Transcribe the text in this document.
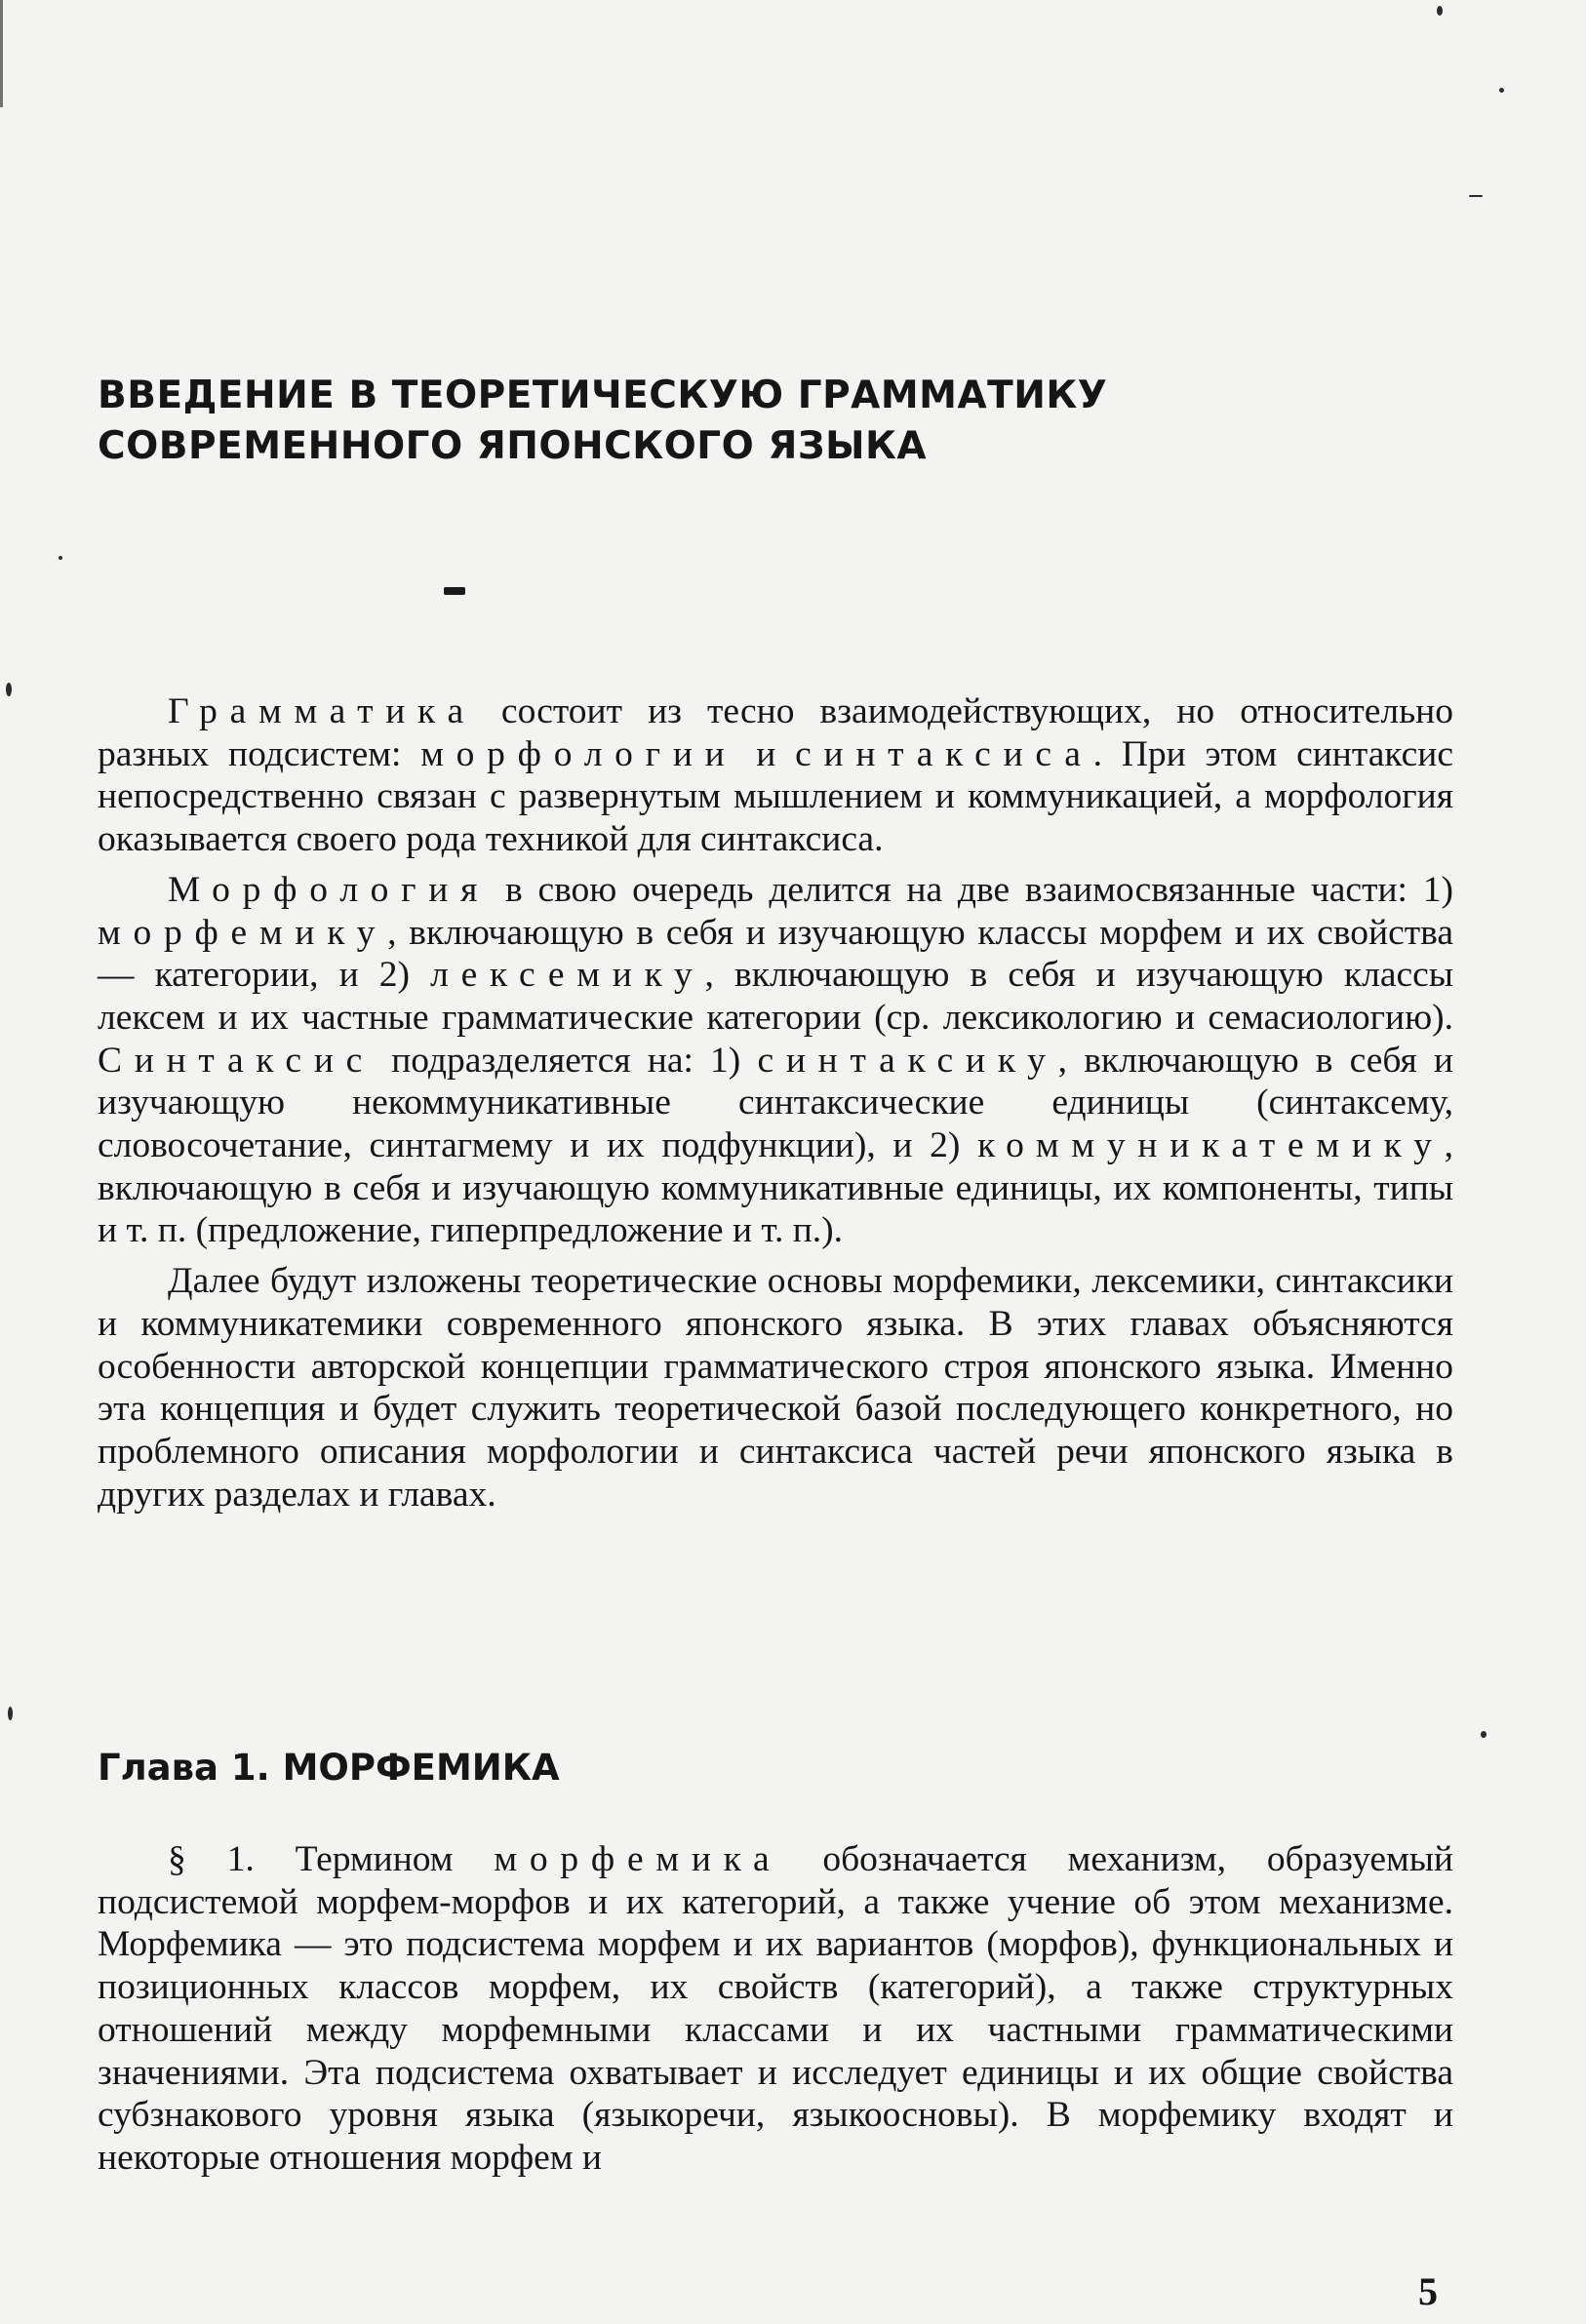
ВВЕДЕНИЕ В ТЕОРЕТИЧЕСКУЮ ГРАММАТИКУ
СОВРЕМЕННОГО ЯПОНСКОГО ЯЗЫКА

Грамматика состоит из тесно взаимодействующих, но относительно разных подсистем: морфологии и синтаксиса. При этом синтаксис непосредственно связан с развернутым мышлением и коммуникацией, а морфология оказывается своего рода техникой для синтаксиса.

Морфология в свою очередь делится на две взаимосвязанные части: 1) морфемику, включающую в себя и изучающую классы морфем и их свойства — категории, и 2) лексемику, включающую в себя и изучающую классы лексем и их частные грамматические категории (ср. лексикологию и семасиологию). Синтаксис подразделяется на: 1) синтаксику, включающую в себя и изучающую некоммуникативные синтаксические единицы (синтаксему, словосочетание, синтагмему и их подфункции), и 2) коммуникатемику, включающую в себя и изучающую коммуникативные единицы, их компоненты, типы и т. п. (предложение, гиперпредложение и т. п.).

Далее будут изложены теоретические основы морфемики, лексемики, синтаксики и коммуникатемики современного японского языка. В этих главах объясняются особенности авторской концепции грамматического строя японского языка. Именно эта концепция и будет служить теоретической базой последующего конкретного, но проблемного описания морфологии и синтаксиса частей речи японского языка в других разделах и главах.

Глава 1. МОРФЕМИКА

§ 1. Термином морфемика обозначается механизм, образуемый подсистемой морфем-морфов и их категорий, а также учение об этом механизме. Морфемика — это подсистема морфем и их вариантов (морфов), функциональных и позиционных классов морфем, их свойств (категорий), а также структурных отношений между морфемными классами и их частными грамматическими значениями. Эта подсистема охватывает и исследует единицы и их общие свойства субзнакового уровня языка (языкоречи, языкоосновы). В морфемику входят и некоторые отношения морфем и

5
